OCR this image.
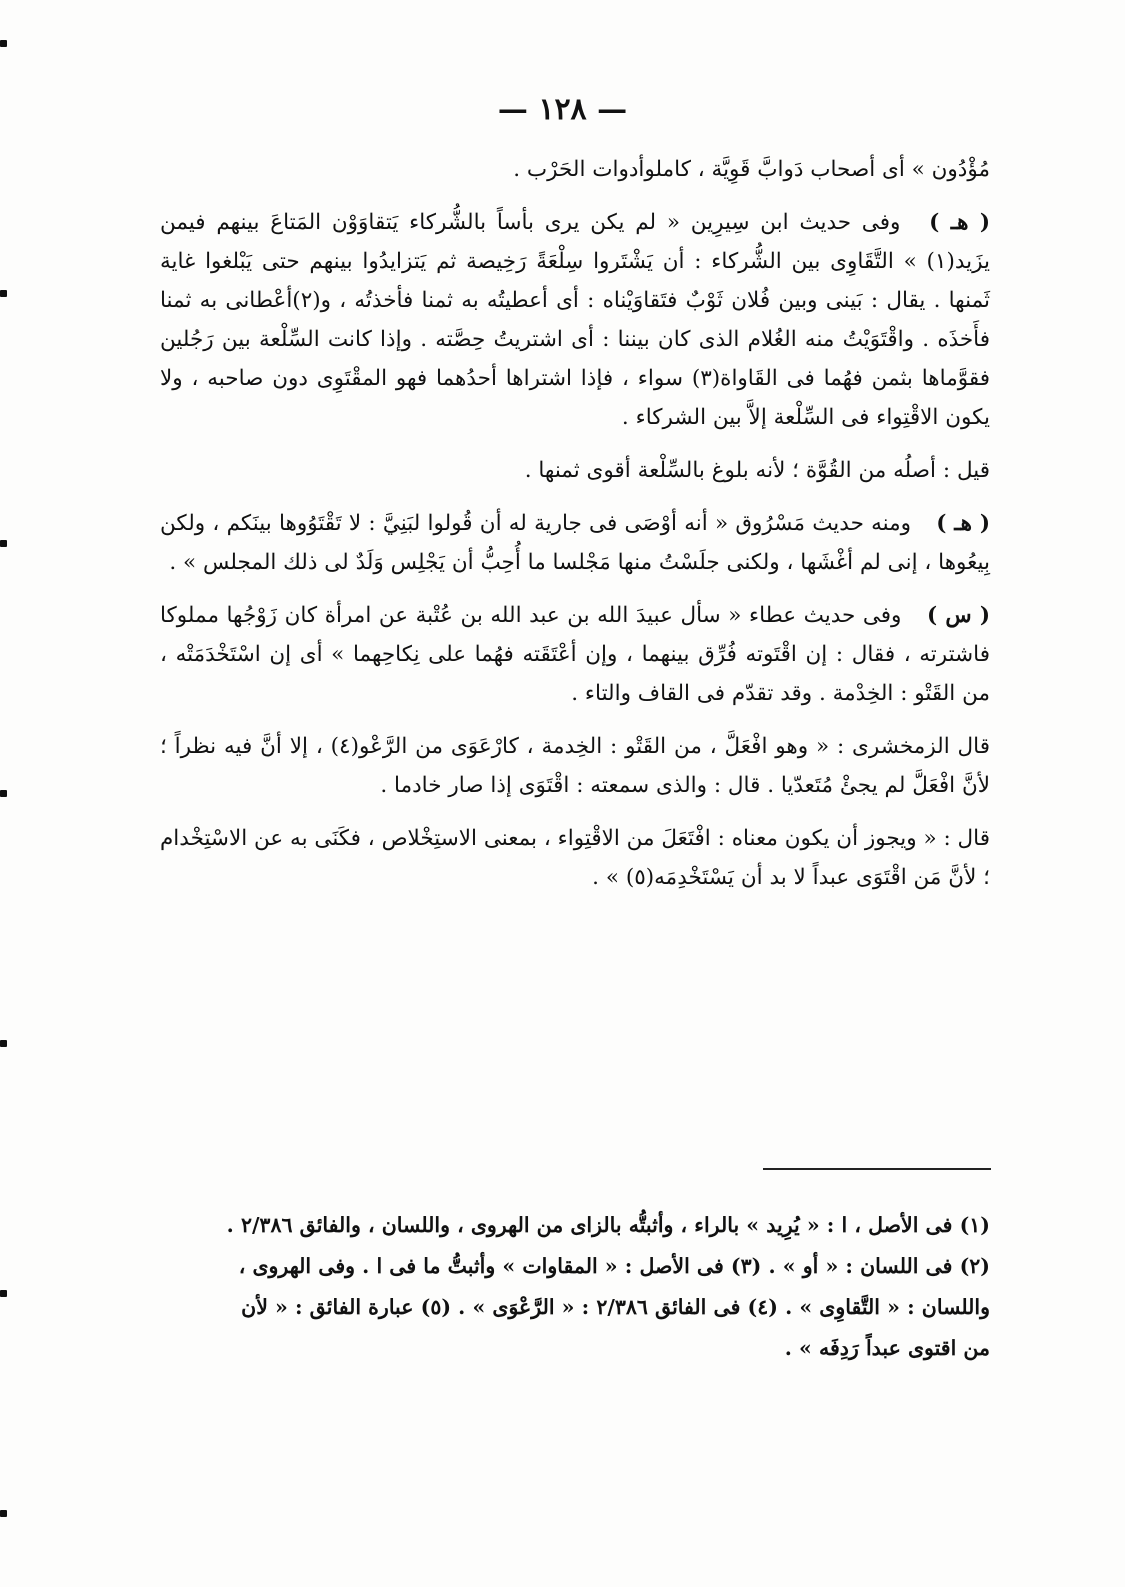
— ١٢٨ —

مُؤْدُون » أى أصحاب دَوابَّ قَوِيَّة ، كاملوأدوات الحَرْب .

( هـ ) وفى حديث ابن سِيرِين « لم يكن يرى بأساً بالشُّركاء يَتقاوَوْن المَتاعَ بينهم فيمن يزَيد(١) » التَّقَاوِى بين الشُّركاء : أن يَشْتَروا سِلْعَةً رَخِيصة ثم يَتزايدُوا بينهم حتى يَبْلغوا غاية ثَمنها . يقال : بَينى وبين فُلان ثَوْبٌ فتَقاوَيْناه : أى أعطيتُه به ثمنا فأخذتُه ، و(٢)أعْطانى به ثمنا فأَخذَه . واقْتَوَيْتُ منه الغُلام الذى كان بيننا : أى اشتريتُ حِصَّته . وإذا كانت السِّلْعة بين رَجُلين فقوَّماها بثمن فهُما فى القَاواة(٣) سواء ، فإذا اشتراها أحدُهما فهو المقْتَوِى دون صاحبه ، ولا يكون الاقْتِواء فى السِّلْعة إلاَّ بين الشركاء .

قيل : أصلُه من القُوَّة ؛ لأنه بلوغ بالسِّلْعة أقوى ثمنها .

( هـ ) ومنه حديث مَسْرُوق « أنه أوْصَى فى جارية له أن قُولوا لبَنِيَّ : لا تَقْتَوُوها بينَكم ، ولكن بِيعُوها ، إنى لم أغْشَها ، ولكنى جلَسْتُ منها مَجْلسا ما أُحِبُّ أن يَجْلِس وَلَدٌ لى ذلك المجلس » .

( س ) وفى حديث عطاء « سأل عبيدَ الله بن عبد الله بن عُتْبة عن امرأة كان زَوْجُها مملوكا فاشترته ، فقال : إن اقْتَوته فُرِّق بينهما ، وإن أعْتَقَته فهُما على نِكاحِهما » أى إن اسْتَخْدَمَتْه ، من القَتْو : الخِدْمة . وقد تقدّم فى القاف والتاء .

قال الزمخشرى : « وهو افْعَلَّ ، من القَتْو : الخِدمة ، كارْعَوَى من الرَّعْو(٤) ، إلا أنَّ فيه نظراً ؛ لأنَّ افْعَلَّ لم يجئْ مُتَعدّيا . قال : والذى سمعته : اقْتَوَى إذا صار خادما .

قال : « ويجوز أن يكون معناه : افْتَعَلَ من الاقْتِواء ، بمعنى الاستِخْلاص ، فكَنَى به عن الاسْتِخْدام ؛ لأنَّ مَن اقْتَوَى عبداً لا بد أن يَسْتَخْدِمَه(٥) » .

(١) فى الأصل ، ا : « يُرِيد » بالراء ، وأثبتُّه بالزاى من الهروى ، واللسان ، والفائق ٢/٣٨٦ .
(٢) فى اللسان : « أو » . (٣) فى الأصل : « المقاوات » وأثبتُّ ما فى ا . وفى الهروى ،
واللسان : « التَّقاوِى » . (٤) فى الفائق ٢/٣٨٦ : « الرَّعْوَى » . (٥) عبارة الفائق : « لأن
من اقتوى عبداً رَدِفَه » .
